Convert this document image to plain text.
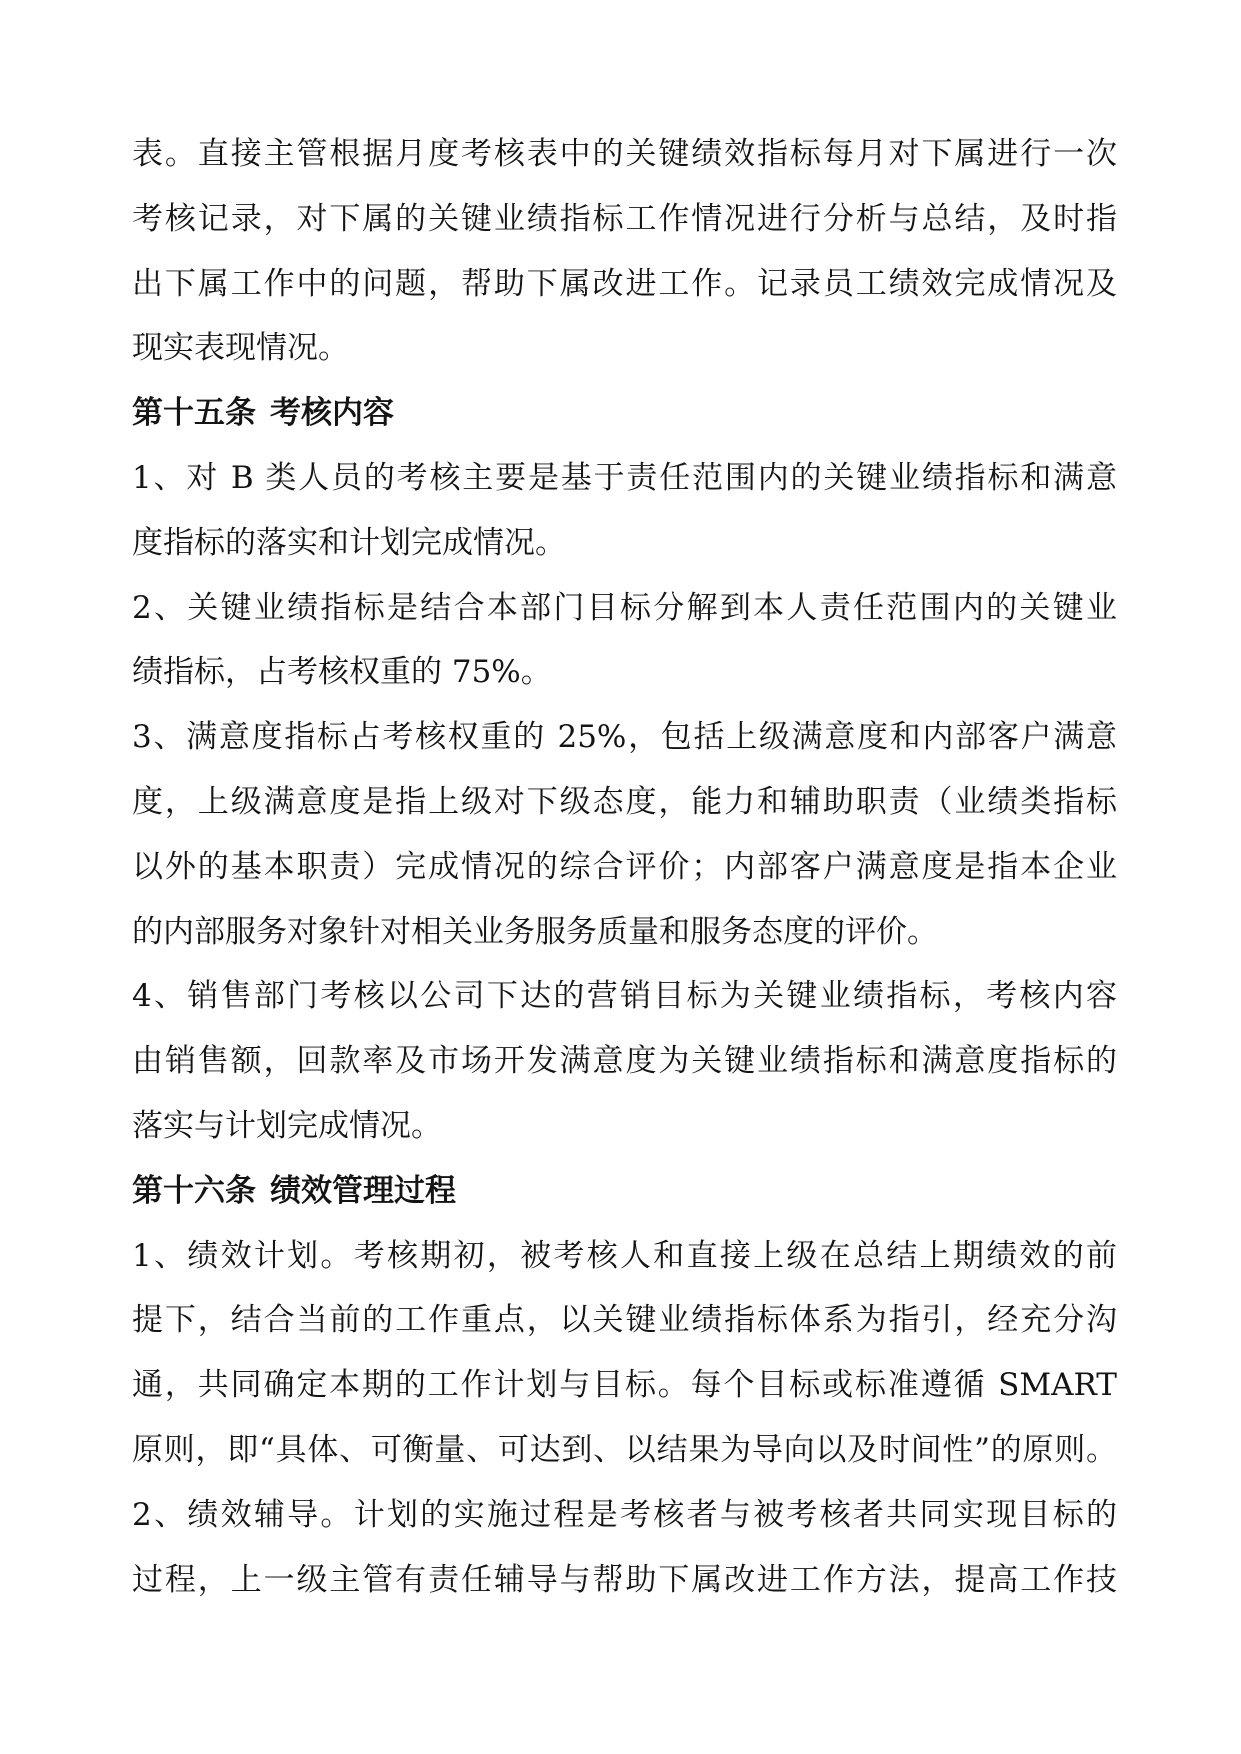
表。直接主管根据月度考核表中的关键绩效指标每月对下属进行一次
考核记录，对下属的关键业绩指标工作情况进行分析与总结，及时指
出下属工作中的问题，帮助下属改进工作。记录员工绩效完成情况及
现实表现情况。
第十五条 考核内容
1、对 B 类人员的考核主要是基于责任范围内的关键业绩指标和满意
度指标的落实和计划完成情况。
2、关键业绩指标是结合本部门目标分解到本人责任范围内的关键业
绩指标，占考核权重的 75%。
3、满意度指标占考核权重的 25%，包括上级满意度和内部客户满意
度，上级满意度是指上级对下级态度，能力和辅助职责（业绩类指标
以外的基本职责）完成情况的综合评价；内部客户满意度是指本企业
的内部服务对象针对相关业务服务质量和服务态度的评价。
4、销售部门考核以公司下达的营销目标为关键业绩指标，考核内容
由销售额，回款率及市场开发满意度为关键业绩指标和满意度指标的
落实与计划完成情况。
第十六条 绩效管理过程
1、绩效计划。考核期初，被考核人和直接上级在总结上期绩效的前
提下，结合当前的工作重点，以关键业绩指标体系为指引，经充分沟
通，共同确定本期的工作计划与目标。每个目标或标准遵循 SMART
原则，即“具体、可衡量、可达到、以结果为导向以及时间性”的原则。
2、绩效辅导。计划的实施过程是考核者与被考核者共同实现目标的
过程，上一级主管有责任辅导与帮助下属改进工作方法，提高工作技
